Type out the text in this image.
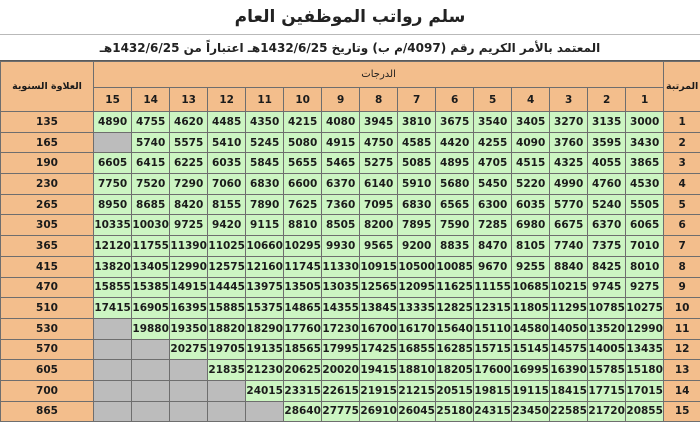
سلم رواتب الموظفين العام
المعتمد بالأمر الكريم رقم (4097/م ب) وتاريخ 1432/6/25هـ اعتباراً من 1432/6/25هـ
المرتبة	الدرجات															العلاوة السنوية
	1	2	3	4	5	6	7	8	9	10	11	12	13	14	15	
1	3000	3135	3270	3405	3540	3675	3810	3945	4080	4215	4350	4485	4620	4755	4890	135
2	3430	3595	3760	4090	4255	4420	4585	4750	4915	5080	5245	5410	5575	5740		165
3	3865	4055	4325	4515	4705	4895	5085	5275	5465	5655	5845	6035	6225	6415	6605	190
4	4530	4760	4990	5220	5450	5680	5910	6140	6370	6600	6830	7060	7290	7520	7750	230
5	5505	5240	5770	6035	6300	6565	6830	7095	7360	7625	7890	8155	8420	8685	8950	265
6	6065	6370	6675	6980	7285	7590	7895	8200	8505	8810	9115	9420	9725	10030	10335	305
7	7010	7375	7740	8105	8470	8835	9200	9565	9930	10295	10660	11025	11390	11755	12120	365
8	8010	8425	8840	9255	9670	10085	10500	10915	11330	11745	12160	12575	12990	13405	13820	415
9	9275	9745	10215	10685	11155	11625	12095	12565	13035	13505	13975	14445	14915	15385	15855	470
10	10275	10785	11295	11805	12315	12825	13335	13845	14355	14865	15375	15885	16395	16905	17415	510
11	12990	13520	14050	14580	15110	15640	16170	16700	17230	17760	18290	18820	19350	19880		530
12	13435	14005	14575	15145	15715	16285	16855	17425	17995	18565	19135	19705	20275			570
13	15180	15785	16390	16995	17600	18205	18810	19415	20020	20625	21230	21835				605
14	17015	17715	18415	19115	19815	20515	21215	21915	22615	23315	24015					700
15	20855	21720	22585	23450	24315	25180	26045	26910	27775	28640						865
